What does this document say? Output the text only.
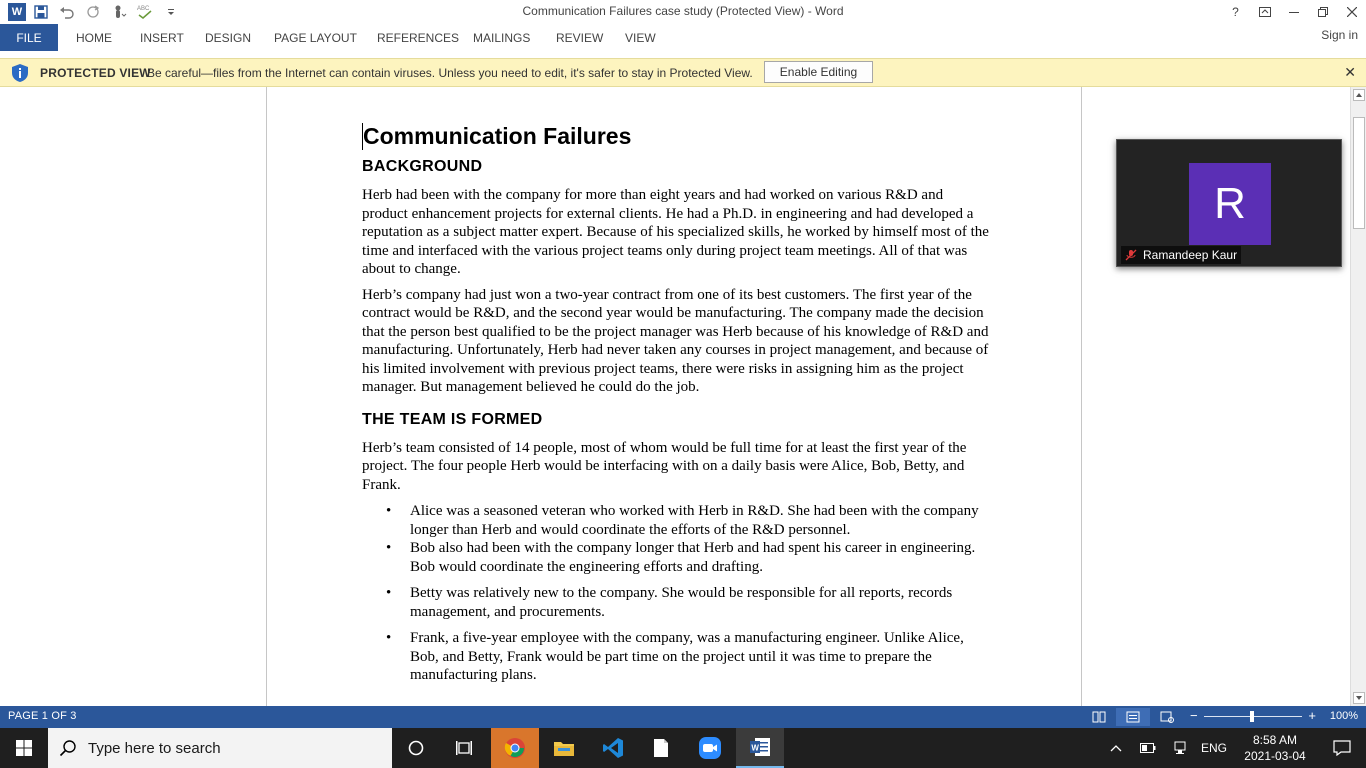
W	ABC	Communication Failures case study (Protected View) - Word	?
FILE	HOME	INSERT	DESIGN	PAGE LAYOUT	REFERENCES	MAILINGS	REVIEW	VIEW	Sign in
PROTECTED VIEW
Be careful—files from the Internet can contain viruses. Unless you need to edit, it's safer to stay in Protected View.	Enable Editing	✕
Communication Failures
BACKGROUND

Herb had been with the company for more than eight years and had worked on various R&D and product enhancement projects for external clients. He had a Ph.D. in engineering and had developed a reputation as a subject matter expert. Because of his specialized skills, he worked by himself most of the time and interfaced with the various project teams only during project team meetings. All of that was about to change.

Herb’s company had just won a two-year contract from one of its best customers. The first year of the contract would be R&D, and the second year would be manufacturing. The company made the decision that the person best qualified to be the project manager was Herb because of his knowledge of R&D and manufacturing. Unfortunately, Herb had never taken any courses in project management, and because of his limited involvement with previous project teams, there were risks in assigning him as the project manager. But management believed he could do the job.

THE TEAM IS FORMED

Herb’s team consisted of 14 people, most of whom would be full time for at least the first year of the project. The four people Herb would be interfacing with on a daily basis were Alice, Bob, Betty, and Frank.

• Alice was a seasoned veteran who worked with Herb in R&D. She had been with the company longer than Herb and would coordinate the efforts of the R&D personnel.
• Bob also had been with the company longer that Herb and had spent his career in engineering. Bob would coordinate the engineering efforts and drafting.
• Betty was relatively new to the company. She would be responsible for all reports, records management, and procurements.
• Frank, a five-year employee with the company, was a manufacturing engineer. Unlike Alice, Bob, and Betty, Frank would be part time on the project until it was time to prepare the manufacturing plans.
R
Ramandeep Kaur
PAGE 1 OF 3	−	+ 100%
Type here to search	W	ENG
8:58 AM
2021-03-04
